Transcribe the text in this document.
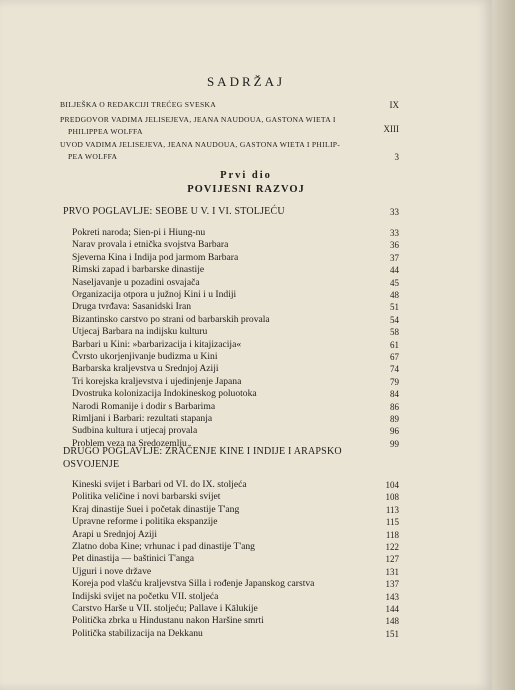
SADRŽAJ
BILJEŠKA O REDAKCIJI TREĆEG SVESKA	IX
PREDGOVOR VADIMA JELISEJEVA, JEANA NAUDOUA, GASTONA WIETA I
PHILIPPEA WOLFFA	XIII
UVOD VADIMA JELISEJEVA, JEANA NAUDOUA, GASTONA WIETA I PHILIP-
PEA WOLFFA	3
Prvi dio
POVIJESNI RAZVOJ
PRVO POGLAVLJE: SEOBE U V. I VI. STOLJEĆU	33
Pokreti naroda; Sien-pi i Hiung-nu	33
Narav provala i etnička svojstva Barbara	36
Sjeverna Kina i Indija pod jarmom Barbara	37
Rimski zapad i barbarske dinastije	44
Naseljavanje u pozadini osvajača	45
Organizacija otpora u južnoj Kini i u Indiji	48
Druga tvrđava: Sasanidski Iran	51
Bizantinsko carstvo po strani od barbarskih provala	54
Utjecaj Barbara na indijsku kulturu	58
Barbari u Kini: »barbarizacija i kitajizacija«	61
Čvrsto ukorjenjivanje budizma u Kini	67
Barbarska kraljevstva u Srednjoj Aziji	74
Tri korejska kraljevstva i ujedinjenje Japana	79
Dvostruka kolonizacija Indokineskog poluotoka	84
Narodi Romanije i dodir s Barbarima	86
Rimljani i Barbari: rezultati stapanja	89
Sudbina kultura i utjecaj provala	96
Problem veza na Sredozemlju	99
DRUGO POGLAVLJE: ZRAČENJE KINE I INDIJE I ARAPSKO
OSVOJENJE
Kineski svijet i Barbari od VI. do IX. stoljeća	104
Politika veličine i novi barbarski svijet	108
Kraj dinastije Suei i početak dinastije T'ang	113
Upravne reforme i politika ekspanzije	115
Arapi u Srednjoj Aziji	118
Zlatno doba Kine; vrhunac i pad dinastije T'ang	122
Pet dinastija — baštinici T'anga	127
Ujguri i nove države	131
Koreja pod vlašću kraljevstva Silla i rođenje Japanskog carstva	137
Indijski svijet na početku VII. stoljeća	143
Carstvo Harše u VII. stoljeću; Pallave i Kālukije	144
Politička zbrka u Hindustanu nakon Haršine smrti	148
Politička stabilizacija na Dekkanu	151
